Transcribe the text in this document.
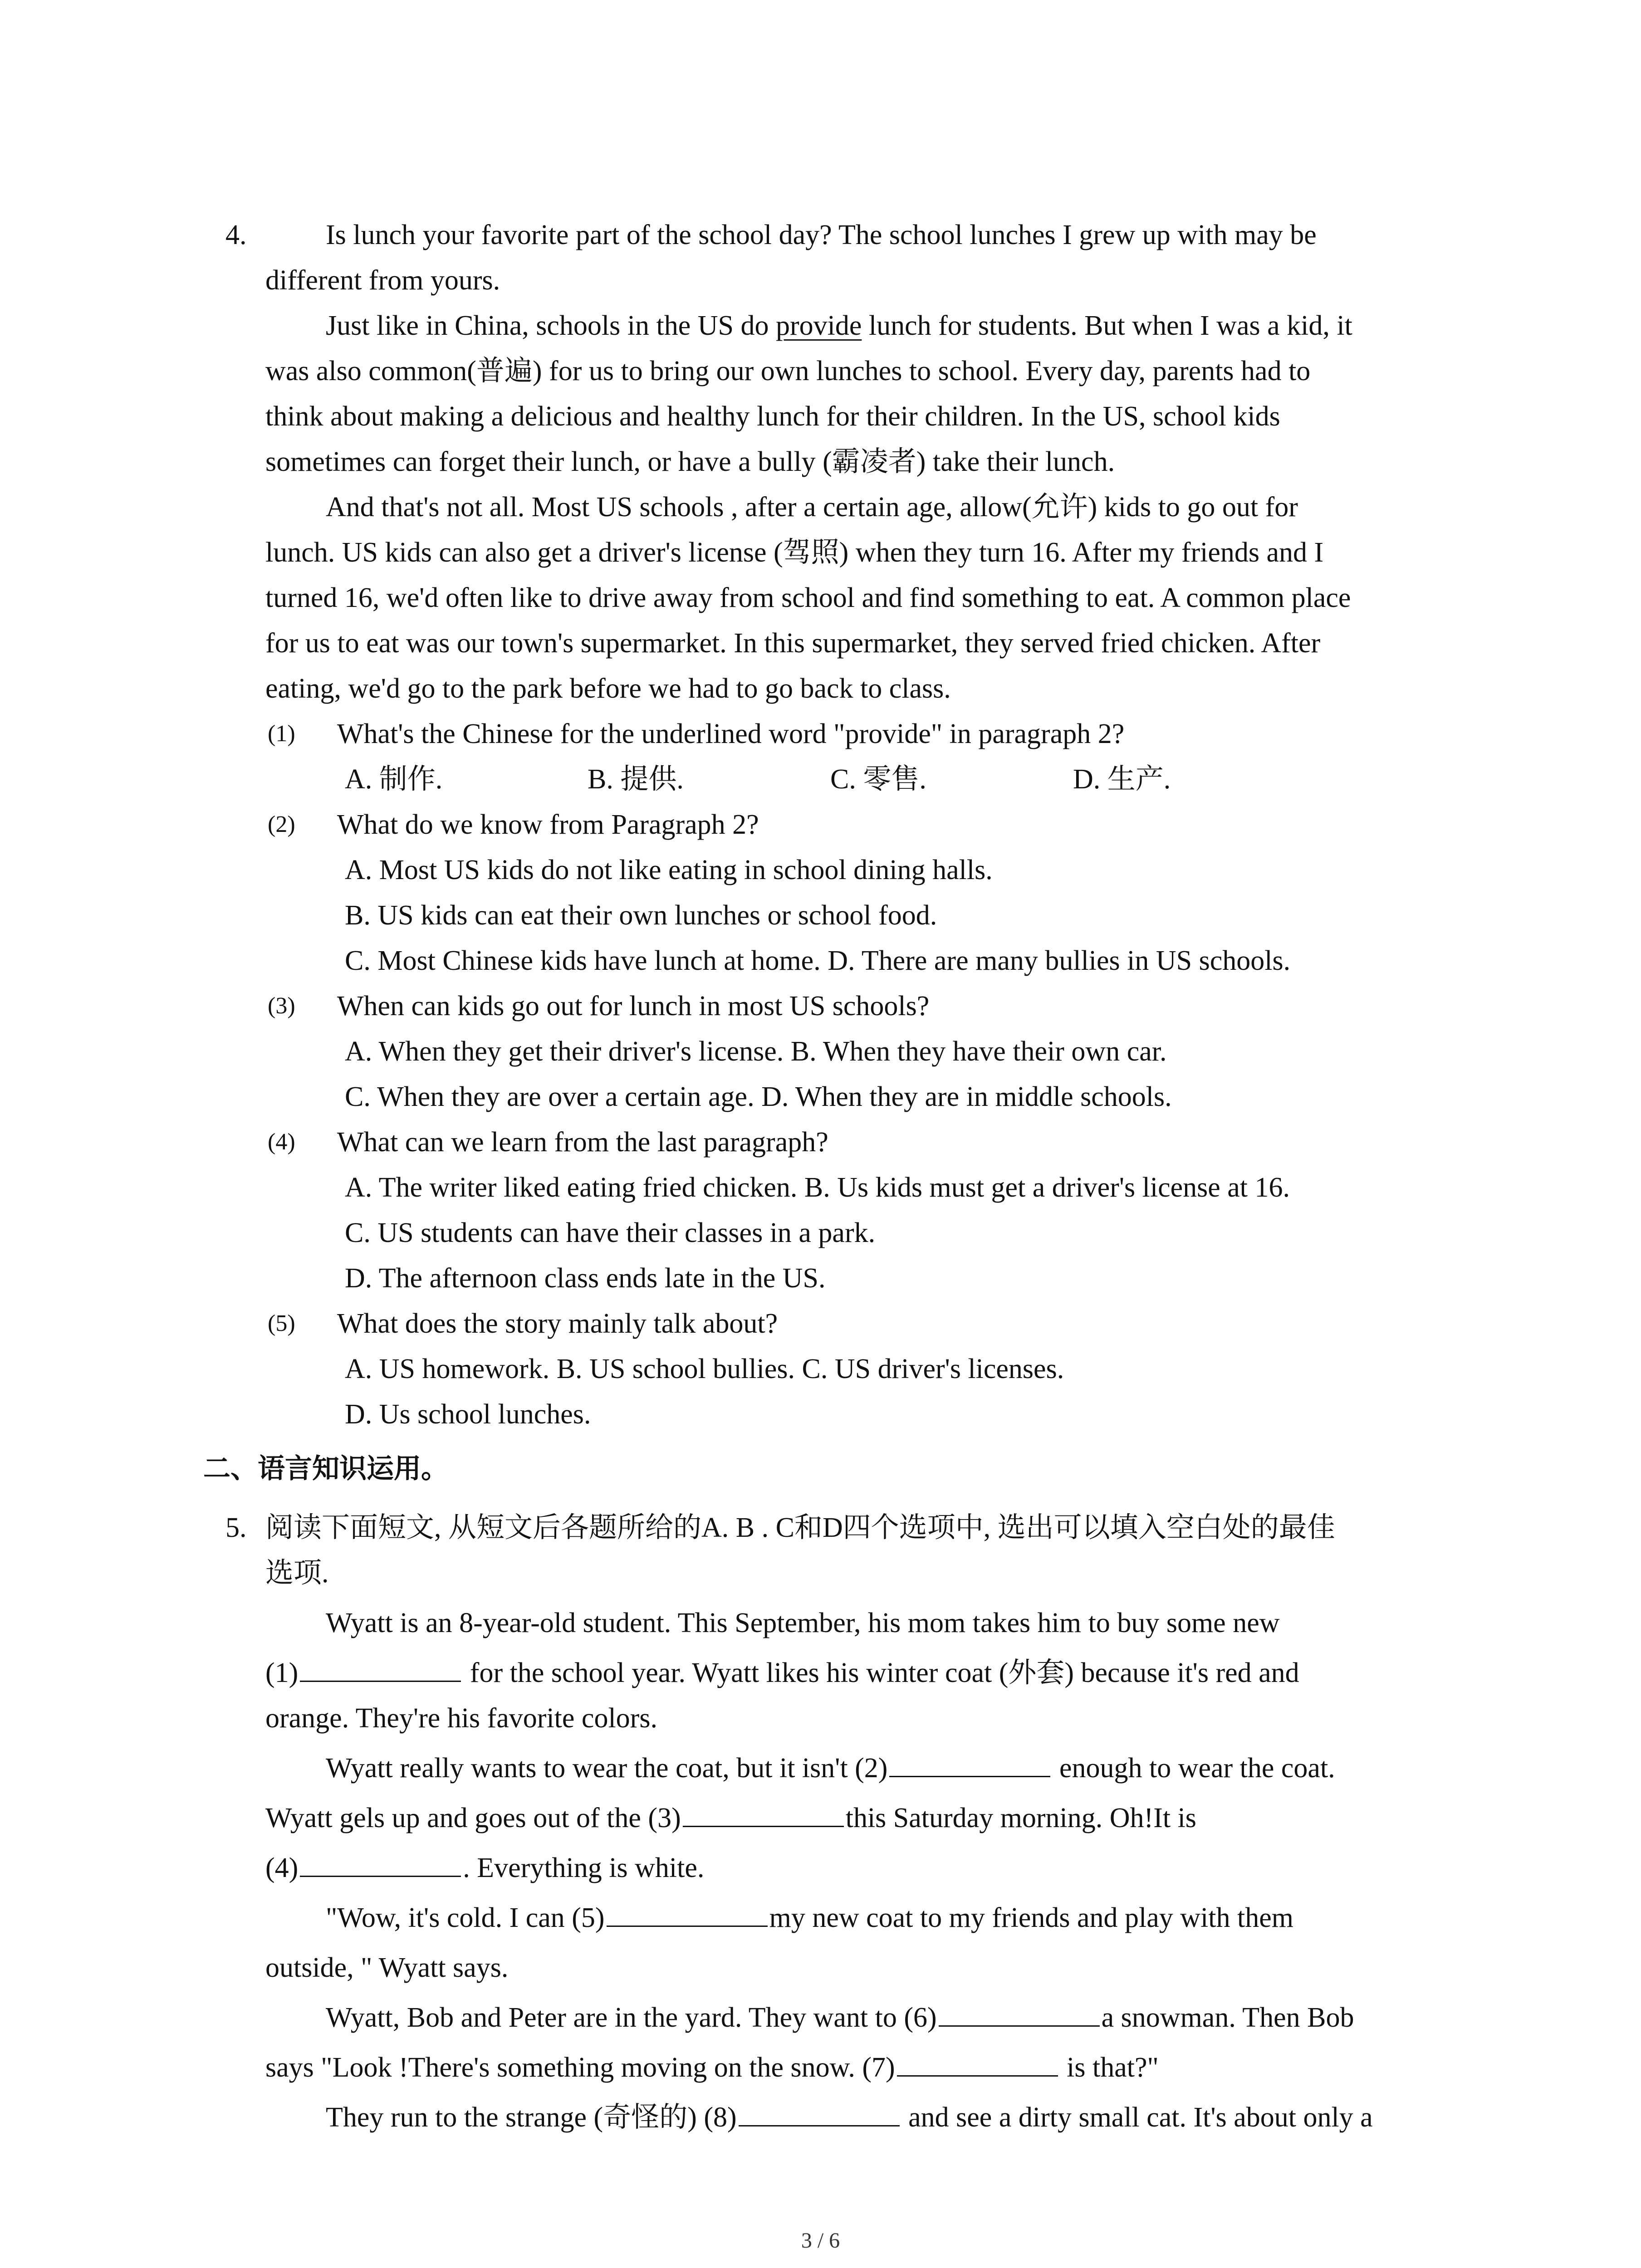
4.	Is lunch your favorite part of the school day? The school lunches I grew up with may be
different from yours.
Just like in China, schools in the US do provide lunch for students. But when I was a kid, it
was also common(普遍) for us to bring our own lunches to school. Every day, parents had to
think about making a delicious and healthy lunch for their children. In the US, school kids
sometimes can forget their lunch, or have a bully (霸凌者) take their lunch.
And that's not all. Most US schools , after a certain age, allow(允许) kids to go out for
lunch. US kids can also get a driver's license (驾照) when they turn 16. After my friends and I
turned 16, we'd often like to drive away from school and find something to eat. A common place
for us to eat was our town's supermarket. In this supermarket, they served fried chicken. After
eating, we'd go to the park before we had to go back to class.
(1) What's the Chinese for the underlined word "provide" in paragraph 2?
A. 制作.	B. 提供.	C. 零售.	D. 生产.
(2) What do we know from Paragraph 2?
A. Most US kids do not like eating in school dining halls.
B. US kids can eat their own lunches or school food.
C. Most Chinese kids have lunch at home. D. There are many bullies in US schools.
(3) When can kids go out for lunch in most US schools?
A. When they get their driver's license. B. When they have their own car.
C. When they are over a certain age. D. When they are in middle schools.
(4) What can we learn from the last paragraph?
A. The writer liked eating fried chicken. B. Us kids must get a driver's license at 16.
C. US students can have their classes in a park.
D. The afternoon class ends late in the US.
(5) What does the story mainly talk about?
A. US homework. B. US school bullies. C. US driver's licenses.
D. Us school lunches.
二、语言知识运用。
5. 阅读下面短文, 从短文后各题所给的A. B . C和D四个选项中, 选出可以填入空白处的最佳
选项.
Wyatt is an 8-year-old student. This September, his mom takes him to buy some new
(1)	for the school year. Wyatt likes his winter coat (外套) because it's red and
orange. They're his favorite colors.
Wyatt really wants to wear the coat, but it isn't (2)	enough to wear the coat.
Wyatt gels up and goes out of the (3)	this Saturday morning. Oh!It is
(4)	. Everything is white.
"Wow, it's cold. I can (5)	my new coat to my friends and play with them
outside, " Wyatt says.
Wyatt, Bob and Peter are in the yard. They want to (6)	a snowman. Then Bob
says "Look !There's something moving on the snow. (7)	is that?"
They run to the strange (奇怪的) (8)	and see a dirty small cat. It's about only a
3 / 6
